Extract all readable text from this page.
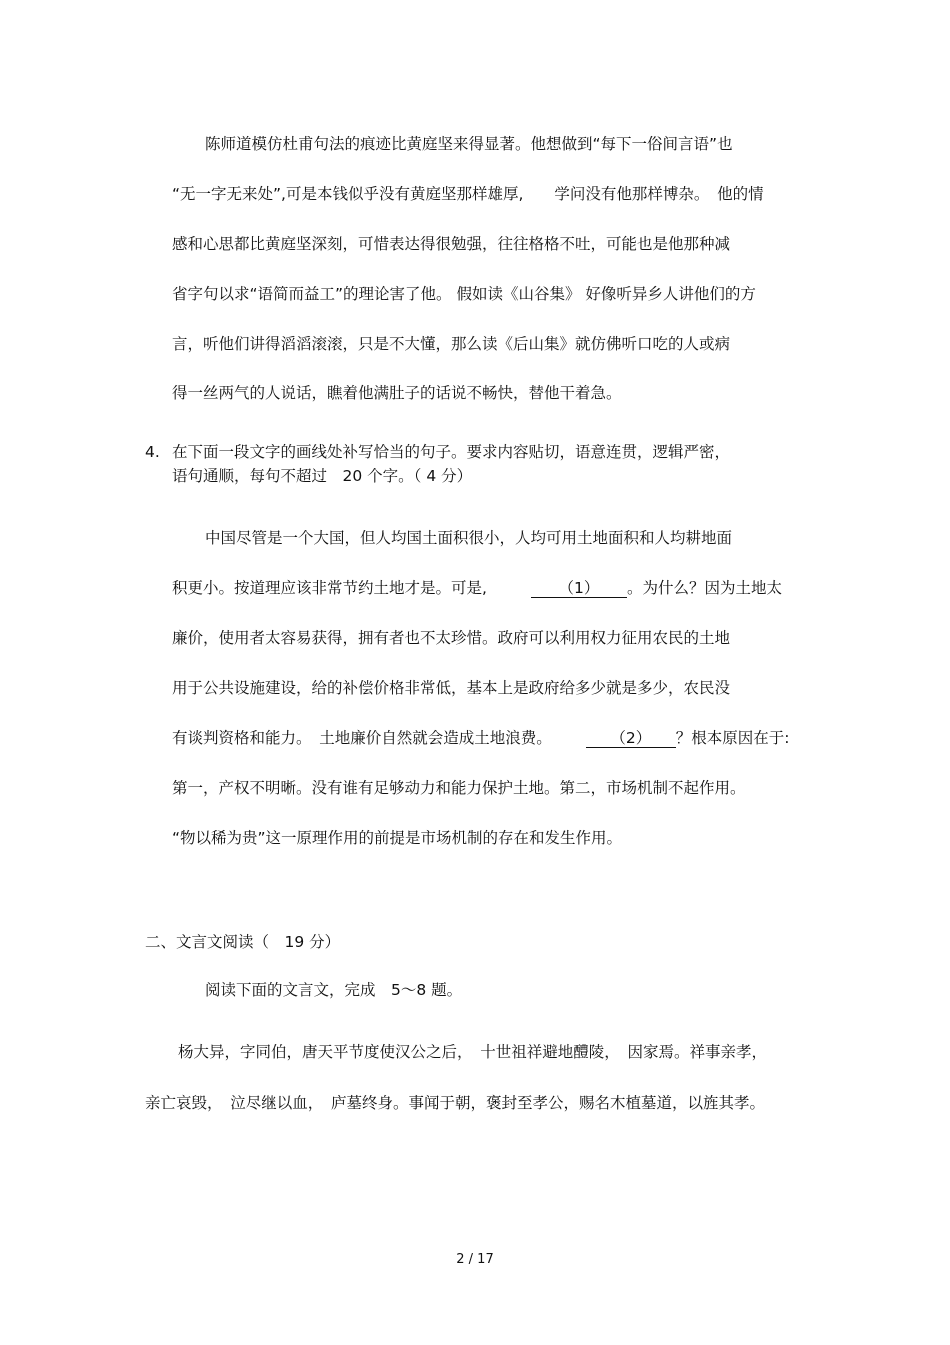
陈师道模仿杜甫句法的痕迹比黄庭坚来得显著。他想做到“每下一俗间言语”也
“无一字无来处”,可是本钱似乎没有黄庭坚那样雄厚,　　学问没有他那样博杂。　他的情
感和心思都比黄庭坚深刻，可惜表达得很勉强，往往格格不吐，可能也是他那种减
省字句以求“语简而益工”的理论害了他。 假如读《山谷集》 好像听异乡人讲他们的方
言，听他们讲得滔滔滚滚，只是不大懂，那么读《后山集》就仿佛听口吃的人或病
得一丝两气的人说话，瞧着他满肚子的话说不畅快，替他干着急。
4. 在下面一段文字的画线处补写恰当的句子。要求内容贴切，语意连贯，逻辑严密，
语句通顺，每句不超过　20 个字。（ 4 分）
中国尽管是一个大国，但人均国土面积很小，人均可用土地面积和人均耕地面
积更小。按道理应该非常节约土地才是。可是,	（1） 。为什么？因为土地太
廉价，使用者太容易获得，拥有者也不太珍惜。政府可以利用权力征用农民的土地
用于公共设施建设，给的补偿价格非常低，基本上是政府给多少就是多少，农民没
有谈判资格和能力。　土地廉价自然就会造成土地浪费。	（2） ？根本原因在于:
第一，产权不明晰。没有谁有足够动力和能力保护土地。第二，市场机制不起作用。
“物以稀为贵”这一原理作用的前提是市场机制的存在和发生作用。
二、文言文阅读（　19 分）
阅读下面的文言文，完成　5～8 题。
杨大异，字同伯，唐天平节度使汉公之后，　十世祖祥避地醴陵，　因家焉。祥事亲孝，
亲亡哀毁，　泣尽继以血，　庐墓终身。事闻于朝，褒封至孝公，赐名木植墓道，以旌其孝。
2 / 17
